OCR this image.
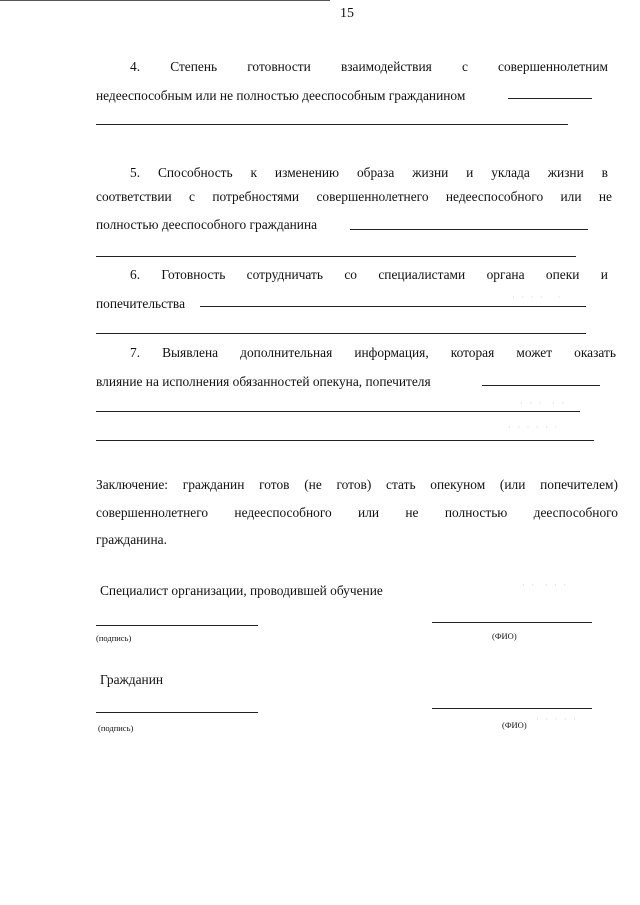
15
4. Степень готовности взаимодействия с совершеннолетним
недееспособным или не полностью дееспособным гражданином
5. Способность к изменению образа жизни и уклада жизни в
соответствии с потребностями совершеннолетнего недееспособного или не
полностью дееспособного гражданина
6. Готовность сотрудничать со специалистами органа опеки и
попечительства
7. Выявлена дополнительная информация, которая может оказать
влияние на исполнения обязанностей опекуна, попечителя
· · · ·   ·
· · ·  · ·
· · · · · ·
· ·  · · ·
· · · · ·
Заключение: гражданин готов (не готов) стать опекуном (или попечителем)
совершеннолетнего недееспособного или не полностью дееспособного
гражданина.
Специалист организации, проводившей обучение
(подпись)	(ФИО)
Гражданин
(подпись)	(ФИО)
